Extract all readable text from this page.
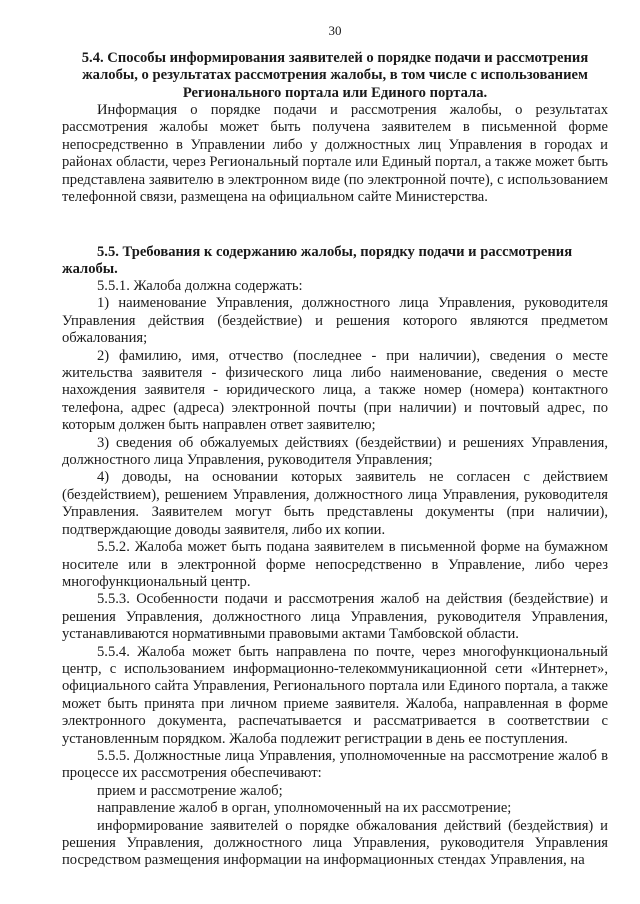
30
5.4. Способы информирования заявителей о порядке подачи и рассмотрения жалобы, о результатах рассмотрения жалобы, в том числе с использованием Регионального портала или Единого портала.

Информация о порядке подачи и рассмотрения жалобы, о результатах рассмотрения жалобы может быть получена заявителем в письменной форме непосредственно в Управлении либо у должностных лиц Управления в городах и районах области, через Региональный портале или Единый портал, а также может быть представлена заявителю в электронном виде (по электронной почте), с использованием телефонной связи, размещена на официальном сайте Министерства.

5.5. Требования к содержанию жалобы, порядку подачи и рассмотрения жалобы.

5.5.1. Жалоба должна содержать:

1) наименование Управления, должностного лица Управления, руководителя Управления действия (бездействие) и решения которого являются предметом обжалования;

2) фамилию, имя, отчество (последнее - при наличии), сведения о месте жительства заявителя - физического лица либо наименование, сведения о месте нахождения заявителя - юридического лица, а также номер (номера) контактного телефона, адрес (адреса) электронной почты (при наличии) и почтовый адрес, по которым должен быть направлен ответ заявителю;

3) сведения об обжалуемых действиях (бездействии) и решениях Управления, должностного лица Управления, руководителя Управления;

4) доводы, на основании которых заявитель не согласен с действием (бездействием), решением Управления, должностного лица Управления, руководителя Управления. Заявителем могут быть представлены документы (при наличии), подтверждающие доводы заявителя, либо их копии.

5.5.2. Жалоба может быть подана заявителем в письменной форме на бумажном носителе или в электронной форме непосредственно в Управление, либо через многофункциональный центр.

5.5.3. Особенности подачи и рассмотрения жалоб на действия (бездействие) и решения Управления, должностного лица Управления, руководителя Управления, устанавливаются нормативными правовыми актами Тамбовской области.

5.5.4. Жалоба может быть направлена по почте, через многофункциональный центр, с использованием информационно-телекоммуникационной сети «Интернет», официального сайта Управления, Регионального портала или Единого портала, а также может быть принята при личном приеме заявителя. Жалоба, направленная в форме электронного документа, распечатывается и рассматривается в соответствии с установленным порядком. Жалоба подлежит регистрации в день ее поступления.

5.5.5. Должностные лица Управления, уполномоченные на рассмотрение жалоб в процессе их рассмотрения обеспечивают:

прием и рассмотрение жалоб;

направление жалоб в орган, уполномоченный на их рассмотрение;

информирование заявителей о порядке обжалования действий (бездействия) и решения Управления, должностного лица Управления, руководителя Управления посредством размещения информации на информационных стендах Управления, на
